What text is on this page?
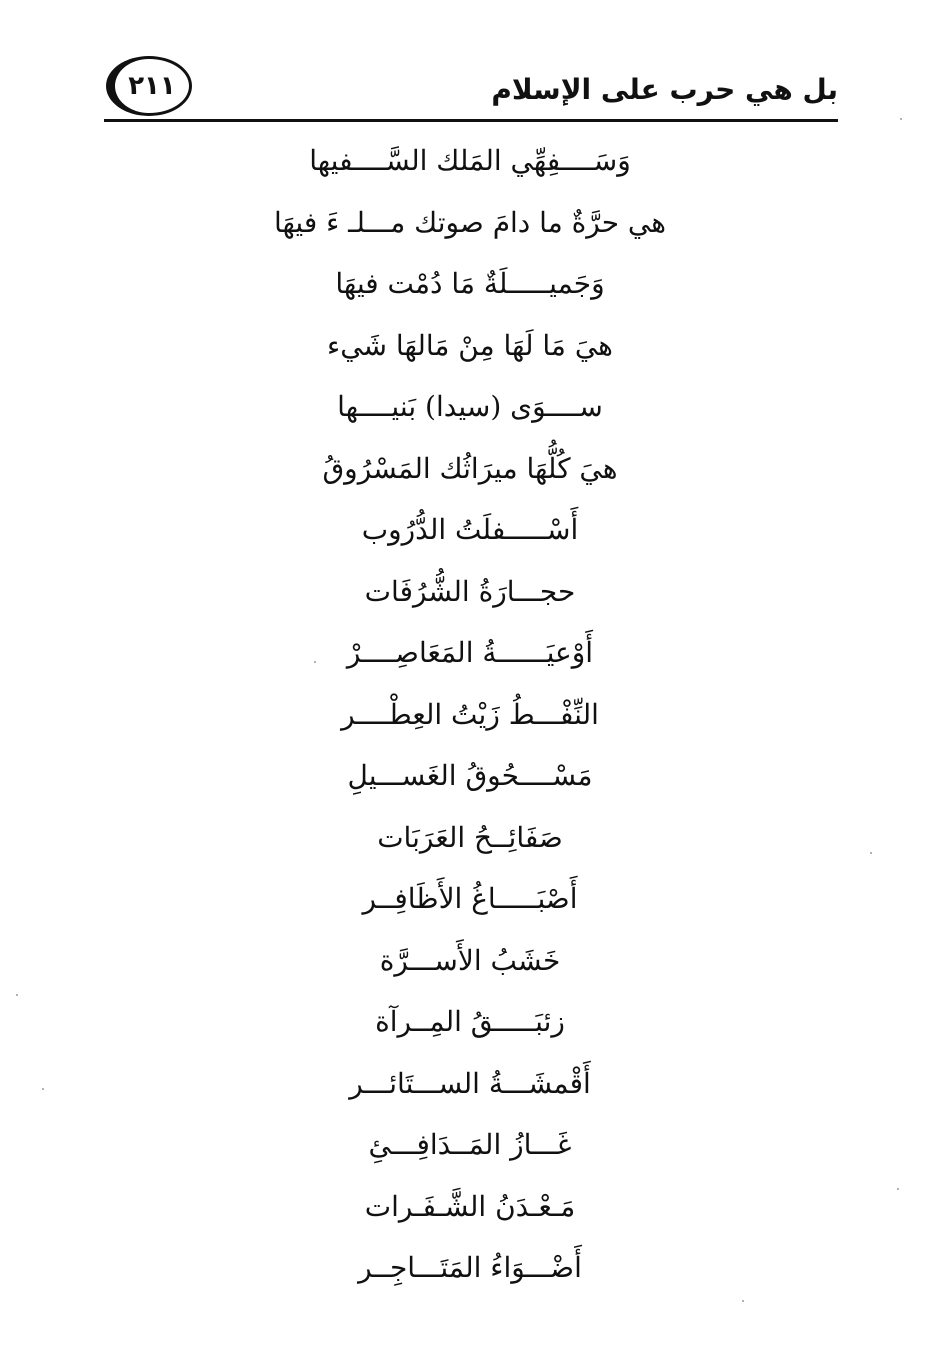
بل هي حرب على الإسلام
٢١١
وَسَــــفِهِّي المَلك السَّــــفيها
هي حرَّةٌ ما دامَ صوتك مـــلـ ءَ فيهَا
وَجَميـــــلَةٌ مَا دُمْت فيهَا
هيَ مَا لَهَا مِنْ مَالهَا شَيء
ســــوَى (سيدا) بَنيــــها
هيَ كُلُّهَا ميرَاثُك المَسْرُوقُ
أَسْـــــفلَتُ الدُّرُوب
حجـــارَةُ الشُّرُفَات
أَوْعيَــــــةُ المَعَاصِــــرْ
النِّفْـــطُ زَيْتُ العِطْــــر
مَسْــــحُوقُ الغَســـيلِ
صَفَائِــحُ العَرَبَات
أَصْبَـــــاغُ الأَظَافِــر
خَشَبُ الأَســـرَّة
زئبَـــــقُ المِــرآة
أَقْمشَـــةُ الســـتَائـــر
غَـــازُ المَــدَافِـــئِ
مَـعْـدَنُ الشَّـفَـرات
أَضْـــوَاءُ المَتَـــاجِــر
